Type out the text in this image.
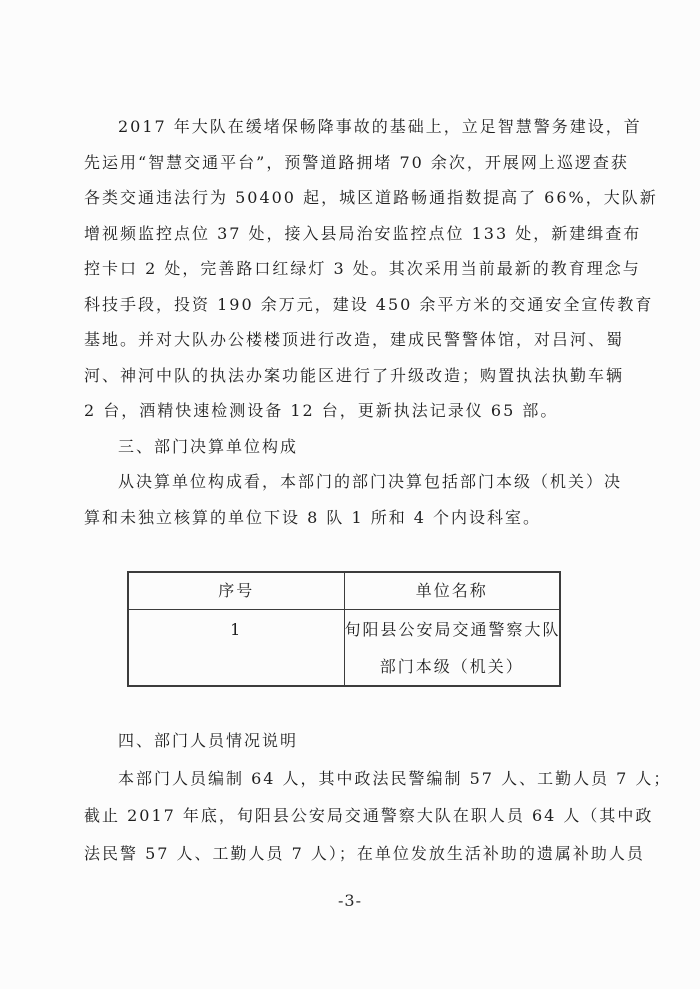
2017 年大队在缓堵保畅降事故的基础上，立足智慧警务建设，首
先运用“智慧交通平台”，预警道路拥堵 70 余次，开展网上巡逻查获
各类交通违法行为 50400 起，城区道路畅通指数提高了 66%，大队新
增视频监控点位 37 处，接入县局治安监控点位 133 处，新建缉查布
控卡口 2 处，完善路口红绿灯 3 处。其次采用当前最新的教育理念与
科技手段，投资 190 余万元，建设 450 余平方米的交通安全宣传教育
基地。并对大队办公楼楼顶进行改造，建成民警警体馆，对吕河、蜀
河、神河中队的执法办案功能区进行了升级改造；购置执法执勤车辆
2 台，酒精快速检测设备 12 台，更新执法记录仪 65 部。
三、部门决算单位构成
从决算单位构成看，本部门的部门决算包括部门本级（机关）决
算和未独立核算的单位下设 8 队 1 所和 4 个内设科室。
序号	单位名称

1	旬阳县公安局交通警察大队
部门本级（机关）
四、部门人员情况说明
本部门人员编制 64 人，其中政法民警编制 57 人、工勤人员 7 人；
截止 2017 年底，旬阳县公安局交通警察大队在职人员 64 人（其中政
法民警 57 人、工勤人员 7 人）；在单位发放生活补助的遗属补助人员
-3-
